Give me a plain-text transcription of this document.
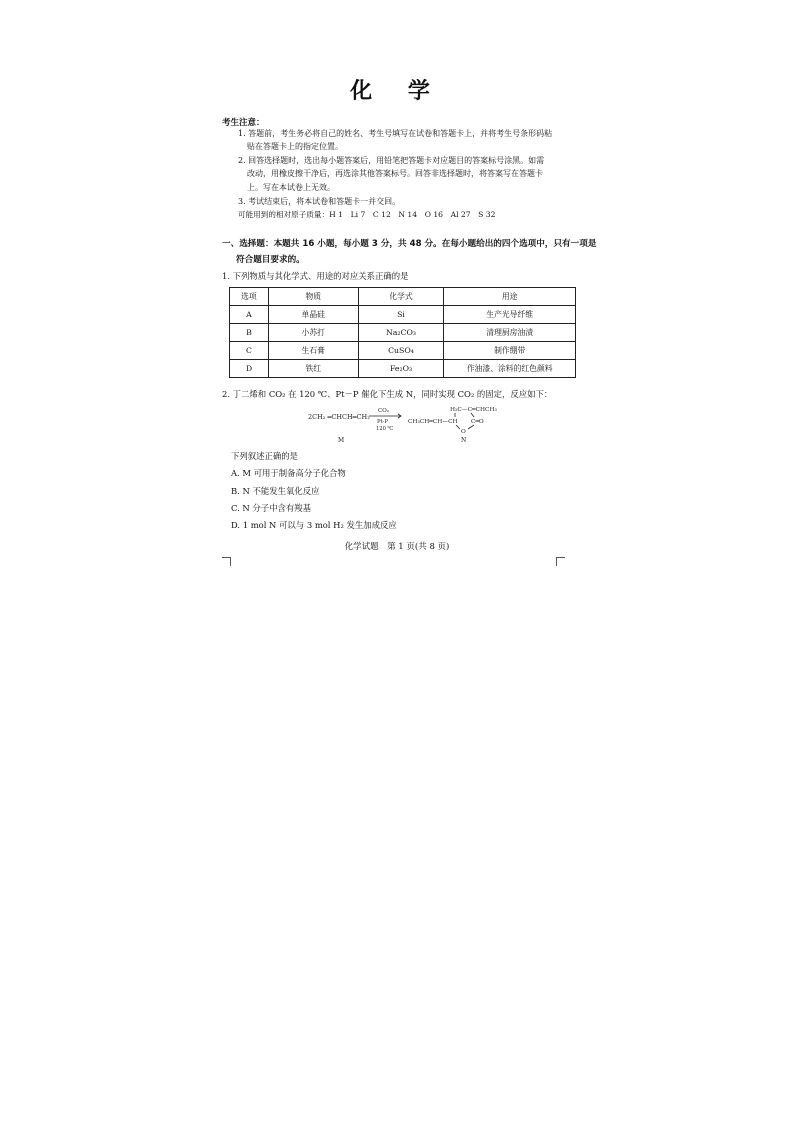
化 学
考生注意：
1. 答题前，考生务必将自己的姓名、考生号填写在试卷和答题卡上，并将考生号条形码粘
贴在答题卡上的指定位置。
2. 回答选择题时，选出每小题答案后，用铅笔把答题卡对应题目的答案标号涂黑。如需
改动，用橡皮擦干净后，再选涂其他答案标号。回答非选择题时，将答案写在答题卡
上。写在本试卷上无效。
3. 考试结束后，将本试卷和答题卡一并交回。
可能用到的相对原子质量：H 1　Li 7　C 12　N 14　O 16　Al 27　S 32
一、选择题：本题共 16 小题，每小题 3 分，共 48 分。在每小题给出的四个选项中，只有一项是
符合题目要求的。
1. 下列物质与其化学式、用途的对应关系正确的是
选项	物质	化学式	用途
A	单晶硅	Si	生产光导纤维
B	小苏打	Na₂CO₃	清理厨房油渍
C	生石膏	CuSO₄	制作绷带
D	铁红	Fe₂O₃	作油漆、涂料的红色颜料
2. 丁二烯和 CO₂ 在 120 ℃、Pt－P 催化下生成 N，同时实现 CO₂ 的固定，反应如下：
2CH₂ ═CHCH═CH₂
M
CO₂
Pt-P
120 ℃
H₂C—C═CHCH₃
CH₃CH═CH—CH C═O
O
N
下列叙述正确的是
A. M 可用于制备高分子化合物
B. N 不能发生氧化反应
C. N 分子中含有羧基
D. 1 mol N 可以与 3 mol H₂ 发生加成反应
化学试题　第 1 页(共 8 页)
